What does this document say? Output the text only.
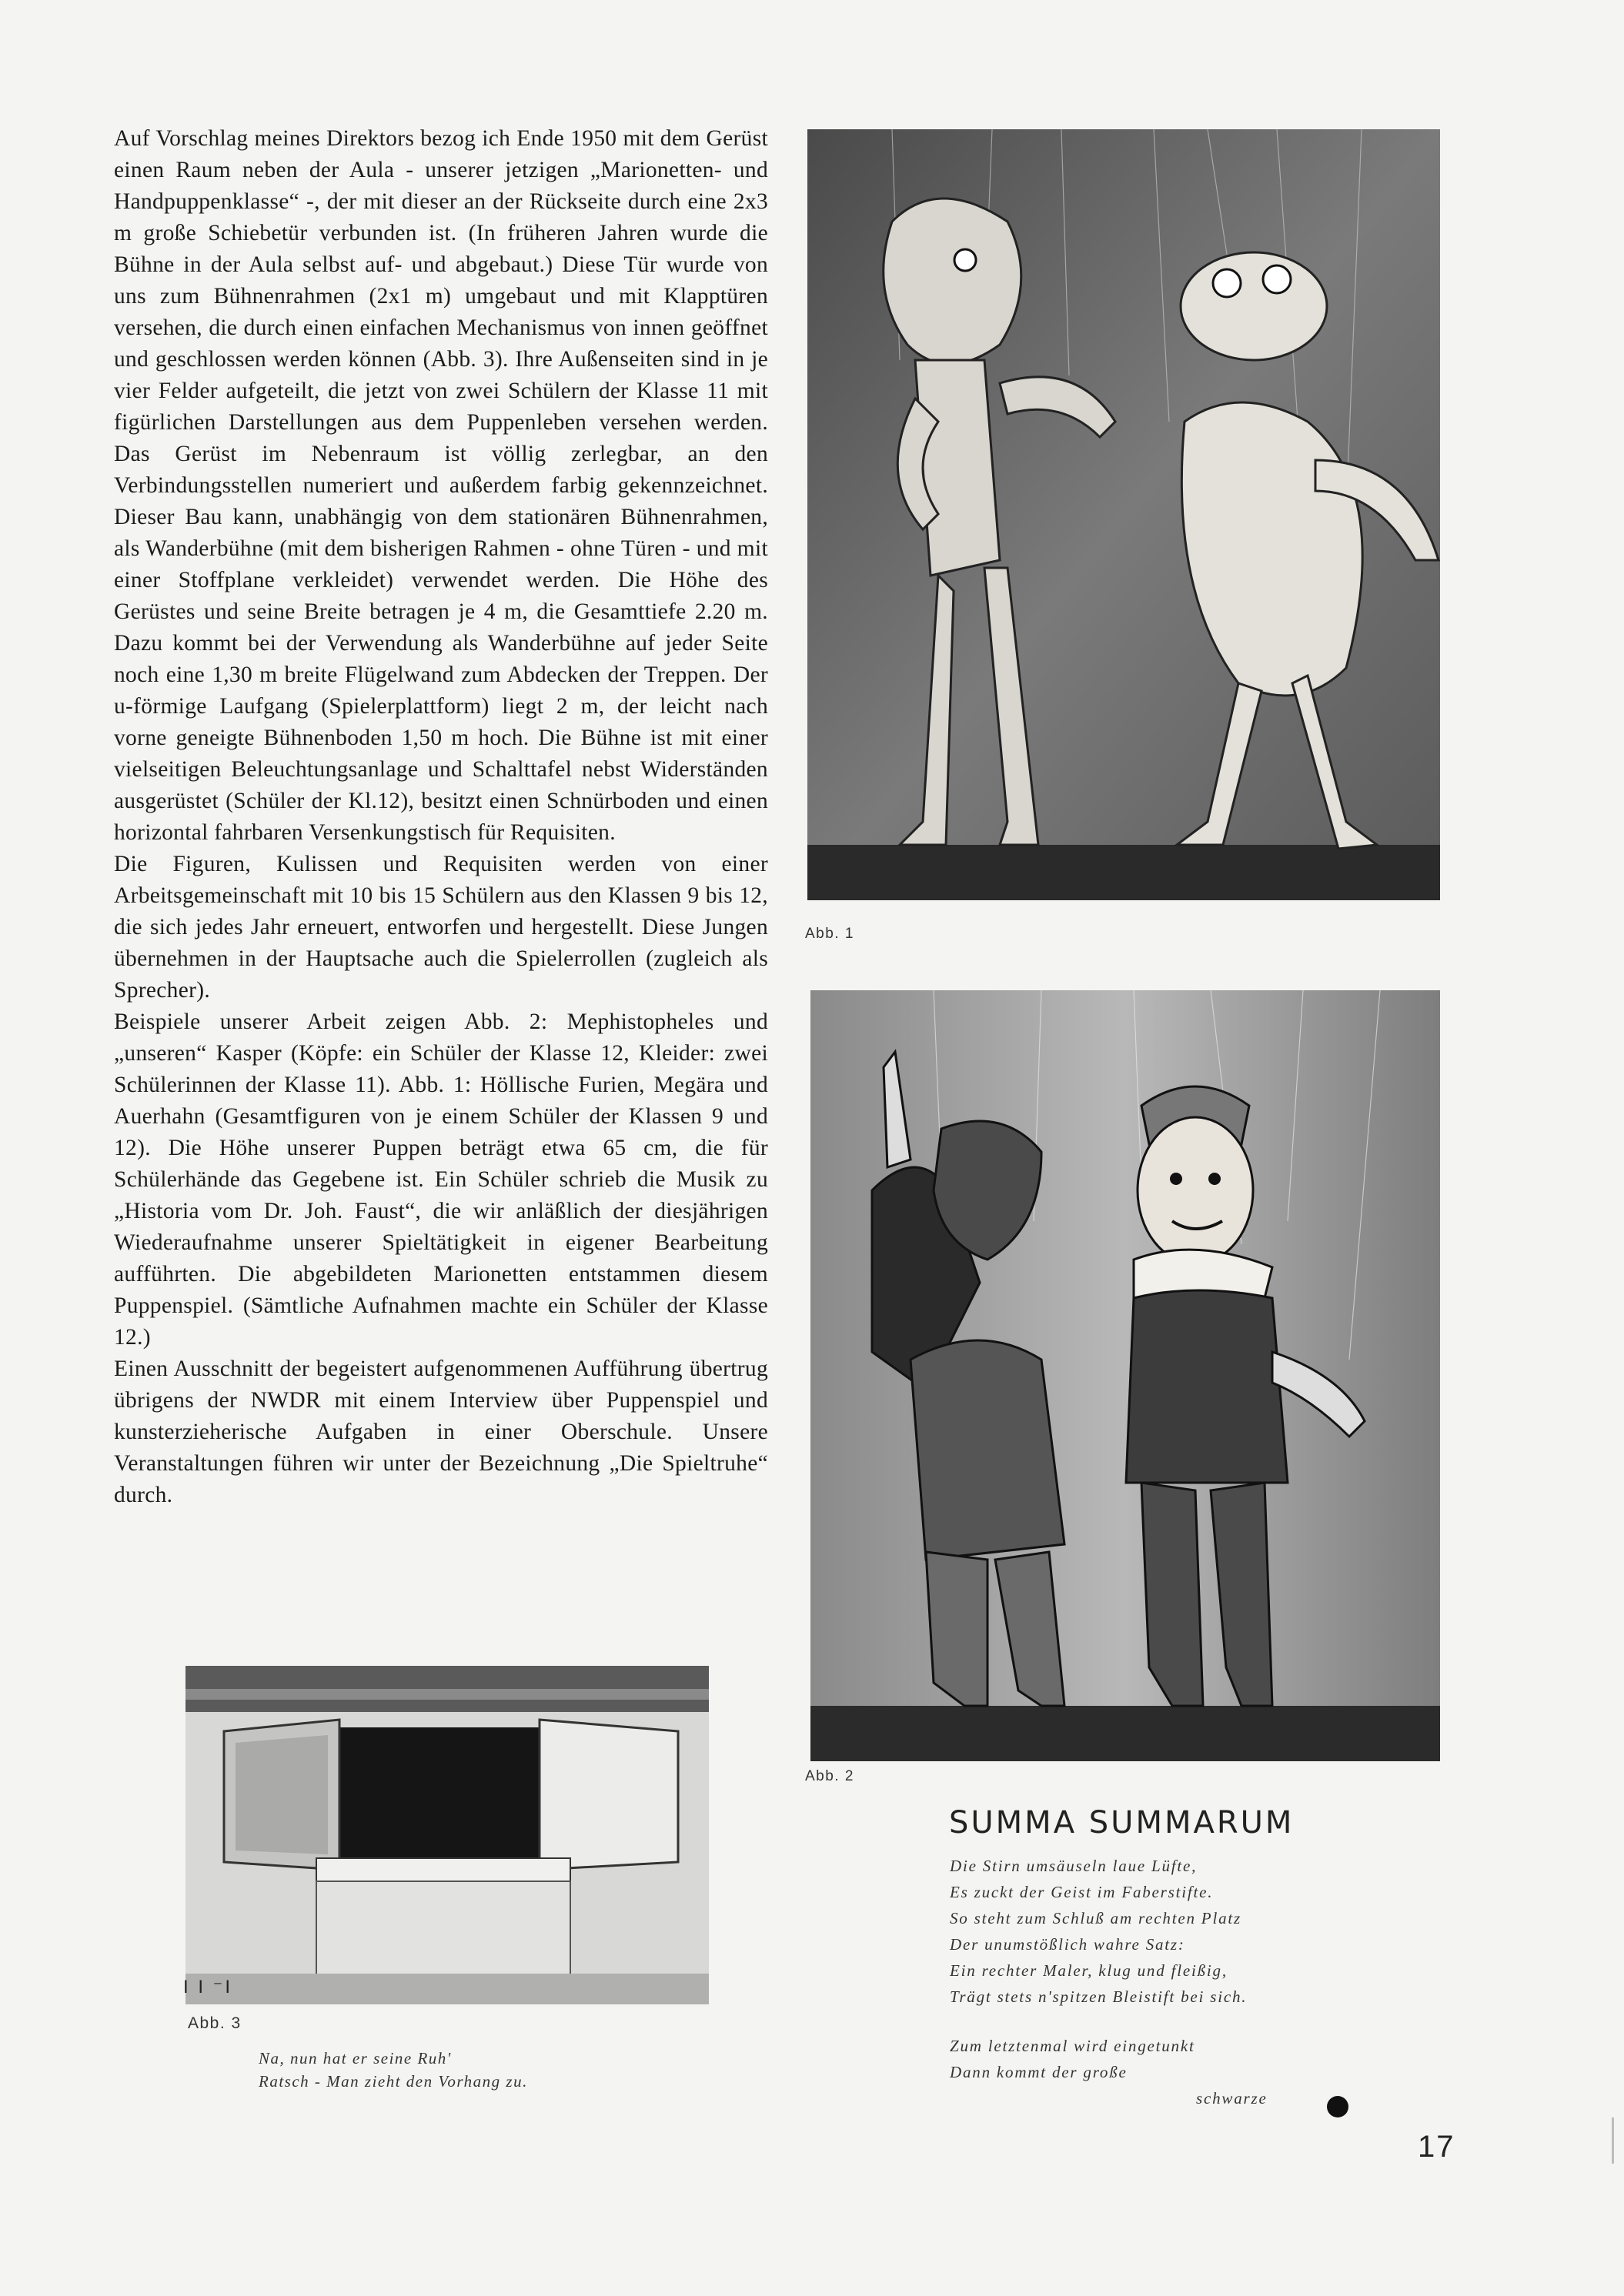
Auf Vorschlag meines Direktors bezog ich Ende 1950 mit dem Gerüst einen Raum neben der Aula - unserer jetzigen „Marionetten- und Handpuppenklasse“ -, der mit dieser an der Rückseite durch eine 2x3 m große Schiebetür verbunden ist. (In früheren Jahren wurde die Bühne in der Aula selbst auf- und abgebaut.) Diese Tür wurde von uns zum Bühnenrahmen (2x1 m) umgebaut und mit Klapptüren versehen, die durch einen einfachen Mechanismus von innen geöffnet und geschlossen werden können (Abb. 3). Ihre Außenseiten sind in je vier Felder aufgeteilt, die jetzt von zwei Schülern der Klasse 11 mit figürlichen Darstellungen aus dem Puppenleben versehen werden. Das Gerüst im Nebenraum ist völlig zerlegbar, an den Verbindungsstellen numeriert und außerdem farbig gekennzeichnet. Dieser Bau kann, unabhängig von dem stationären Bühnenrahmen, als Wanderbühne (mit dem bisherigen Rahmen - ohne Türen - und mit einer Stoffplane verkleidet) verwendet werden. Die Höhe des Gerüstes und seine Breite betragen je 4 m, die Gesamttiefe 2.20 m. Dazu kommt bei der Verwendung als Wanderbühne auf jeder Seite noch eine 1,30 m breite Flügelwand zum Abdecken der Treppen. Der u-förmige Laufgang (Spielerplattform) liegt 2 m, der leicht nach vorne geneigte Bühnenboden 1,50 m hoch. Die Bühne ist mit einer vielseitigen Beleuchtungsanlage und Schalttafel nebst Widerständen ausgerüstet (Schüler der Kl.12), besitzt einen Schnürboden und einen horizontal fahrbaren Versenkungstisch für Requisiten.

Die Figuren, Kulissen und Requisiten werden von einer Arbeitsgemeinschaft mit 10 bis 15 Schülern aus den Klassen 9 bis 12, die sich jedes Jahr erneuert, entworfen und hergestellt. Diese Jungen übernehmen in der Hauptsache auch die Spielerrollen (zugleich als Sprecher).

Beispiele unserer Arbeit zeigen Abb. 2: Mephistopheles und „unseren“ Kasper (Köpfe: ein Schüler der Klasse 12, Kleider: zwei Schülerinnen der Klasse 11). Abb. 1: Höllische Furien, Megära und Auerhahn (Gesamtfiguren von je einem Schüler der Klassen 9 und 12). Die Höhe unserer Puppen beträgt etwa 65 cm, die für Schülerhände das Gegebene ist. Ein Schüler schrieb die Musik zu „Historia vom Dr. Joh. Faust“, die wir anläßlich der diesjährigen Wiederaufnahme unserer Spieltätigkeit in eigener Bearbeitung aufführten. Die abgebildeten Marionetten entstammen diesem Puppenspiel. (Sämtliche Aufnahmen machte ein Schüler der Klasse 12.)

Einen Ausschnitt der begeistert aufgenommenen Aufführung übertrug übrigens der NWDR mit einem Interview über Puppenspiel und kunsterzieherische Aufgaben in einer Oberschule. Unsere Veranstaltungen führen wir unter der Bezeichnung „Die Spieltruhe“ durch.

Abb. 1
Abb. 2
I I ⁻I
Abb. 3
Na, nun hat er seine Ruh'
Ratsch - Man zieht den Vorhang zu.
SUMMA SUMMARUM
Die Stirn umsäuseln laue Lüfte,
Es zuckt der Geist im Faberstifte.
So steht zum Schluß am rechten Platz
Der unumstößlich wahre Satz:
Ein rechter Maler, klug und fleißig,
Trägt stets n'spitzen Bleistift bei sich.
Zum letztenmal wird eingetunkt
Dann kommt der große
schwarze
17
